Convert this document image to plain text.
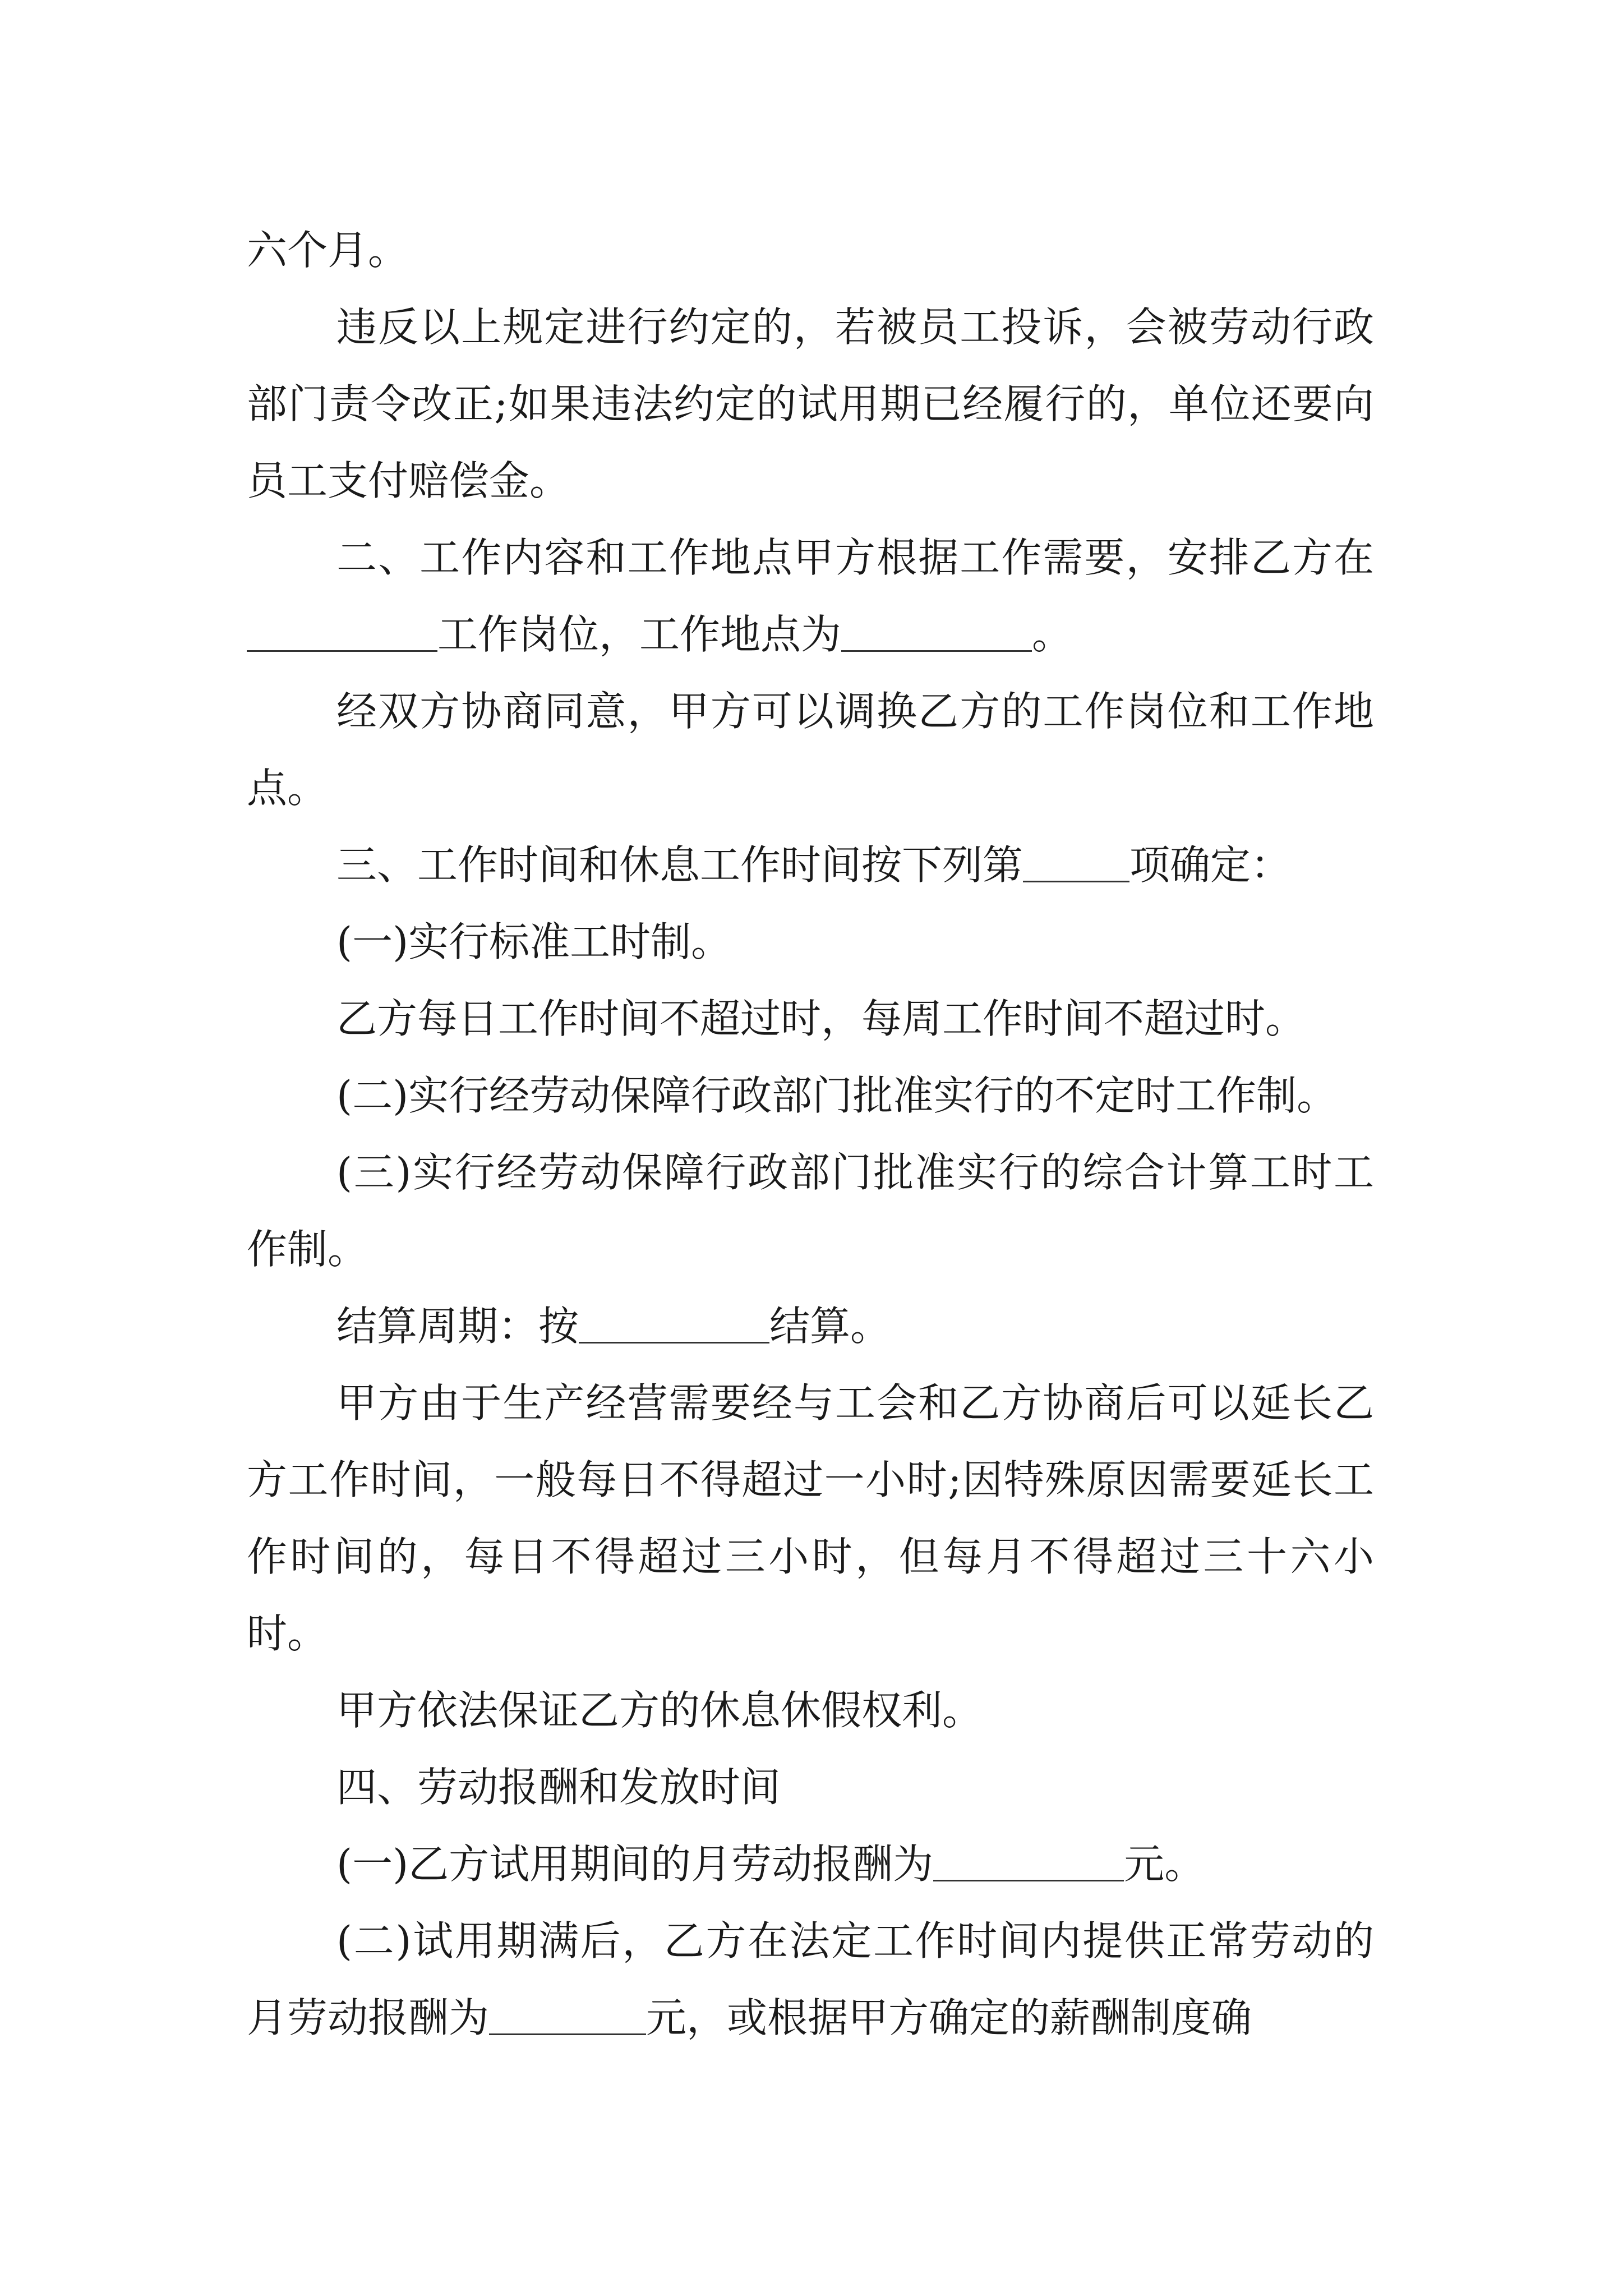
六个月。

违反以上规定进行约定的，若被员工投诉，会被劳动行政部门责令改正;如果违法约定的试用期已经履行的，单位还要向员工支付赔偿金。

二、工作内容和工作地点甲方根据工作需要，安排乙方在工作岗位，工作地点为	。

经双方协商同意，甲方可以调换乙方的工作岗位和工作地点。

三、工作时间和休息工作时间按下列第	项确定：

(一)实行标准工时制。

乙方每日工作时间不超过时，每周工作时间不超过时。

(二)实行经劳动保障行政部门批准实行的不定时工作制。

(三)实行经劳动保障行政部门批准实行的综合计算工时工作制。

结算周期：按	结算。

甲方由于生产经营需要经与工会和乙方协商后可以延长乙方工作时间，一般每日不得超过一小时;因特殊原因需要延长工作时间的，每日不得超过三小时，但每月不得超过三十六小时。

甲方依法保证乙方的休息休假权利。

四、劳动报酬和发放时间

(一)乙方试用期间的月劳动报酬为	元。

(二)试用期满后，乙方在法定工作时间内提供正常劳动的月劳动报酬为	元，或根据甲方确定的薪酬制度确
